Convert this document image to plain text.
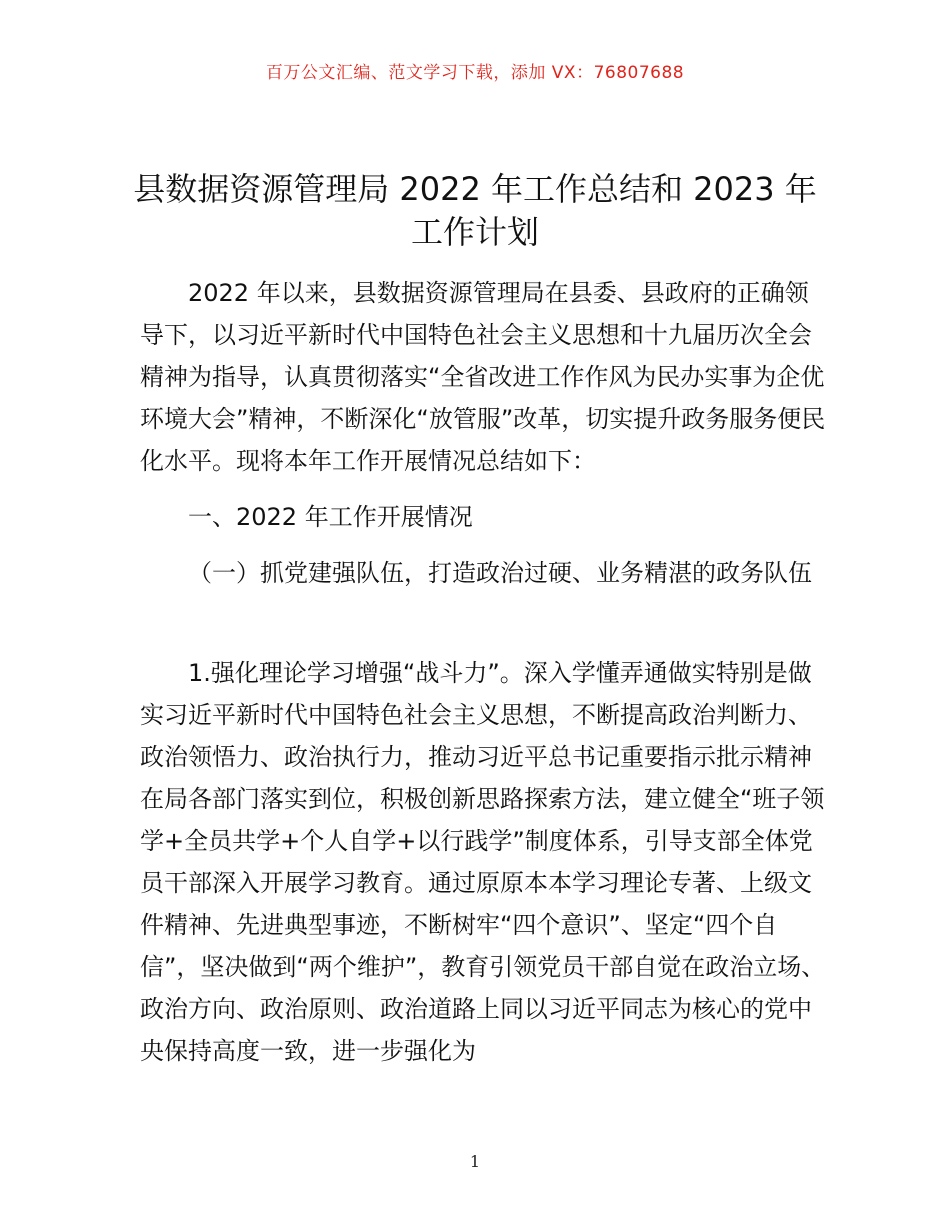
百万公文汇编、范文学习下载，添加 VX：76807688
县数据资源管理局 2022 年工作总结和 2023 年
工作计划

2022 年以来，县数据资源管理局在县委、县政府的正确领导下，以习近平新时代中国特色社会主义思想和十九届历次全会精神为指导，认真贯彻落实“全省改进工作作风为民办实事为企优环境大会”精神，不断深化“放管服”改革，切实提升政务服务便民化水平。现将本年工作开展情况总结如下：

一、2022 年工作开展情况

（一）抓党建强队伍，打造政治过硬、业务精湛的政务队伍

1.强化理论学习增强“战斗力”。深入学懂弄通做实特别是做实习近平新时代中国特色社会主义思想，不断提高政治判断力、政治领悟力、政治执行力，推动习近平总书记重要指示批示精神在局各部门落实到位，积极创新思路探索方法，建立健全“班子领学+全员共学+个人自学+以行践学”制度体系，引导支部全体党员干部深入开展学习教育。通过原原本本学习理论专著、上级文件精神、先进典型事迹，不断树牢“四个意识”、坚定“四个自信”，坚决做到“两个维护”，教育引领党员干部自觉在政治立场、政治方向、政治原则、政治道路上同以习近平同志为核心的党中央保持高度一致，进一步强化为

1
